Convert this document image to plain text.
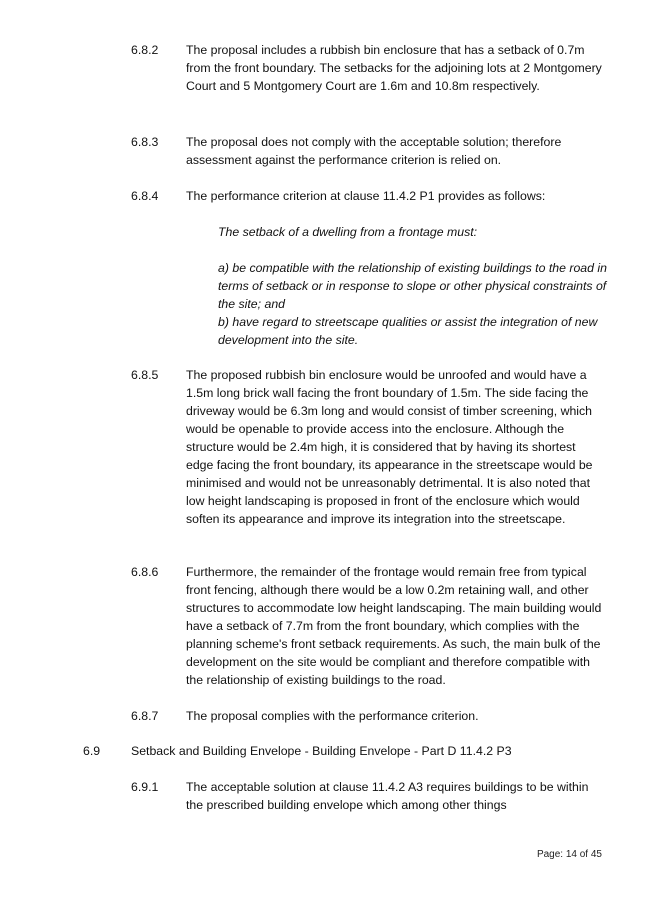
6.8.2	The proposal includes a rubbish bin enclosure that has a setback of 0.7m from the front boundary. The setbacks for the adjoining lots at 2 Montgomery Court and 5 Montgomery Court are 1.6m and 10.8m respectively.
6.8.3	The proposal does not comply with the acceptable solution; therefore assessment against the performance criterion is relied on.
6.8.4	The performance criterion at clause 11.4.2 P1 provides as follows:
The setback of a dwelling from a frontage must:
a) be compatible with the relationship of existing buildings to the road in terms of setback or in response to slope or other physical constraints of the site; and
b) have regard to streetscape qualities or assist the integration of new development into the site.
6.8.5	The proposed rubbish bin enclosure would be unroofed and would have a 1.5m long brick wall facing the front boundary of 1.5m. The side facing the driveway would be 6.3m long and would consist of timber screening, which would be openable to provide access into the enclosure. Although the structure would be 2.4m high, it is considered that by having its shortest edge facing the front boundary, its appearance in the streetscape would be minimised and would not be unreasonably detrimental. It is also noted that low height landscaping is proposed in front of the enclosure which would soften its appearance and improve its integration into the streetscape.
6.8.6	Furthermore, the remainder of the frontage would remain free from typical front fencing, although there would be a low 0.2m retaining wall, and other structures to accommodate low height landscaping. The main building would have a setback of 7.7m from the front boundary, which complies with the planning scheme's front setback requirements. As such, the main bulk of the development on the site would be compliant and therefore compatible with the relationship of existing buildings to the road.
6.8.7	The proposal complies with the performance criterion.
6.9	Setback and Building Envelope - Building Envelope - Part D 11.4.2 P3
6.9.1	The acceptable solution at clause 11.4.2 A3 requires buildings to be within the prescribed building envelope which among other things
Page: 14 of 45
